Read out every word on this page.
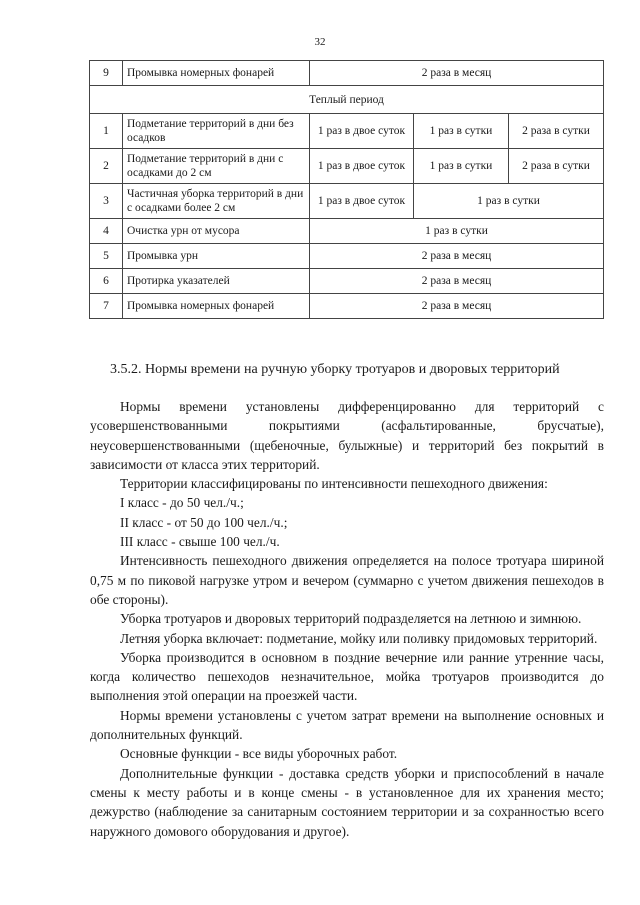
32
9	Промывка номерных фонарей	2 раза в месяц		
Теплый период				
1	Подметание территорий в дни без осадков	1 раз в двое суток	1 раз в сутки	2 раза в сутки
2	Подметание территорий в дни с осадками до 2 см	1 раз в двое суток	1 раз в сутки	2 раза в сутки
3	Частичная уборка территорий в дни с осадками более 2 см	1 раз в двое суток	1 раз в сутки	
4	Очистка урн от мусора	1 раз в сутки		
5	Промывка урн	2 раза в месяц		
6	Протирка указателей	2 раза в месяц		
7	Промывка номерных фонарей	2 раза в месяц		
3.5.2. Нормы времени на ручную уборку тротуаров и дворовых территорий

Нормы времени установлены дифференцированно для территорий с усовершенствованными покрытиями (асфальтированные, брусчатые), неусовершенствованными (щебеночные, булыжные) и территорий без покрытий в зависимости от класса этих территорий.

Территории классифицированы по интенсивности пешеходного движения:

I класс - до 50 чел./ч.;

II класс - от 50 до 100 чел./ч.;

III класс - свыше 100 чел./ч.

Интенсивность пешеходного движения определяется на полосе тротуара шириной 0,75 м по пиковой нагрузке утром и вечером (суммарно с учетом движения пешеходов в обе стороны).

Уборка тротуаров и дворовых территорий подразделяется на летнюю и зимнюю.

Летняя уборка включает: подметание, мойку или поливку придомовых территорий.

Уборка производится в основном в поздние вечерние или ранние утренние часы, когда количество пешеходов незначительное, мойка тротуаров производится до выполнения этой операции на проезжей части.

Нормы времени установлены с учетом затрат времени на выполнение основных и дополнительных функций.

Основные функции - все виды уборочных работ.

Дополнительные функции - доставка средств уборки и приспособлений в начале смены к месту работы и в конце смены - в установленное для их хранения место; дежурство (наблюдение за санитарным состоянием территории и за сохранностью всего наружного домового оборудования и другое).
